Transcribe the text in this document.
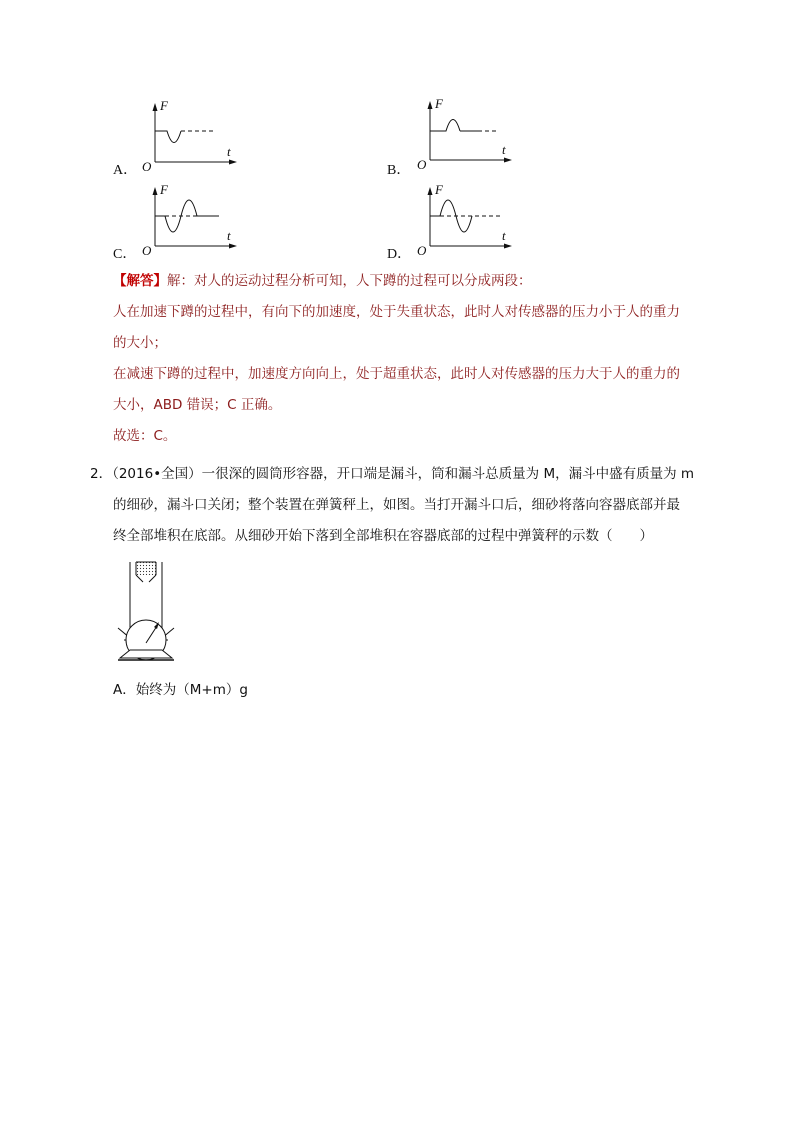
A．
F
t
O	B．
F
t
O
C．
F
t
O	D．
F
t
O
【解答】解：对人的运动过程分析可知，人下蹲的过程可以分成两段：
人在加速下蹲的过程中，有向下的加速度，处于失重状态，此时人对传感器的压力小于人的重力
的大小；
在减速下蹲的过程中，加速度方向向上，处于超重状态，此时人对传感器的压力大于人的重力的
大小，ABD 错误；C 正确。
故选：C。
2．（2016•全国）一很深的圆筒形容器，开口端是漏斗，筒和漏斗总质量为 M，漏斗中盛有质量为 m
的细砂，漏斗口关闭；整个装置在弹簧秤上，如图。当打开漏斗口后，细砂将落向容器底部并最
终全部堆积在底部。从细砂开始下落到全部堆积在容器底部的过程中弹簧秤的示数（　　）
A．始终为（M+m）g
